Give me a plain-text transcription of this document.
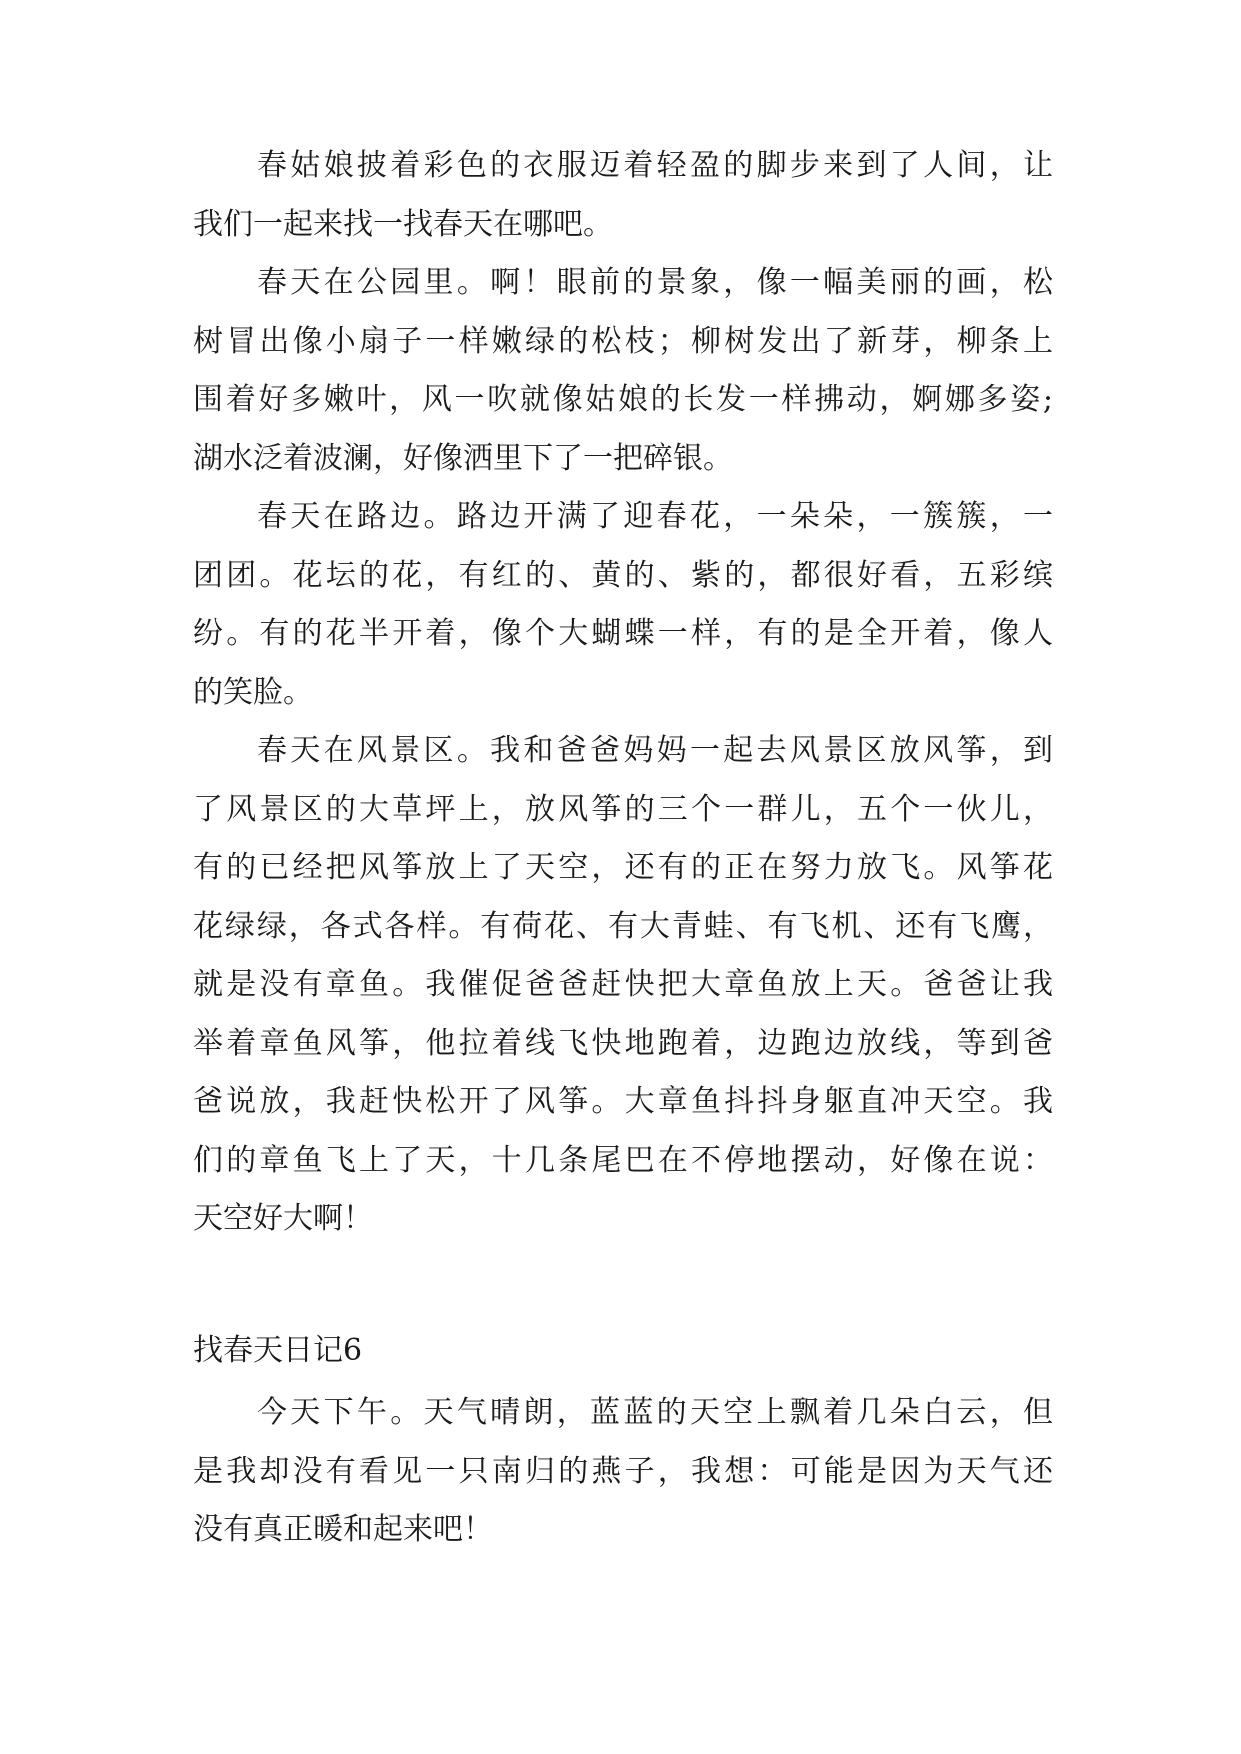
春姑娘披着彩色的衣服迈着轻盈的脚步来到了人间，让
我们一起来找一找春天在哪吧。
春天在公园里。啊！眼前的景象，像一幅美丽的画，松
树冒出像小扇子一样嫩绿的松枝；柳树发出了新芽，柳条上
围着好多嫩叶，风一吹就像姑娘的长发一样拂动，婀娜多姿;
湖水泛着波澜，好像洒里下了一把碎银。
春天在路边。路边开满了迎春花，一朵朵，一簇簇，一
团团。花坛的花，有红的、黄的、紫的，都很好看，五彩缤
纷。有的花半开着，像个大蝴蝶一样，有的是全开着，像人
的笑脸。
春天在风景区。我和爸爸妈妈一起去风景区放风筝，到
了风景区的大草坪上，放风筝的三个一群儿，五个一伙儿，
有的已经把风筝放上了天空，还有的正在努力放飞。风筝花
花绿绿，各式各样。有荷花、有大青蛙、有飞机、还有飞鹰，
就是没有章鱼。我催促爸爸赶快把大章鱼放上天。爸爸让我
举着章鱼风筝，他拉着线飞快地跑着，边跑边放线，等到爸
爸说放，我赶快松开了风筝。大章鱼抖抖身躯直冲天空。我
们的章鱼飞上了天，十几条尾巴在不停地摆动，好像在说：
天空好大啊！
找春天日记6
今天下午。天气晴朗，蓝蓝的天空上飘着几朵白云，但
是我却没有看见一只南归的燕子，我想：可能是因为天气还
没有真正暖和起来吧！
